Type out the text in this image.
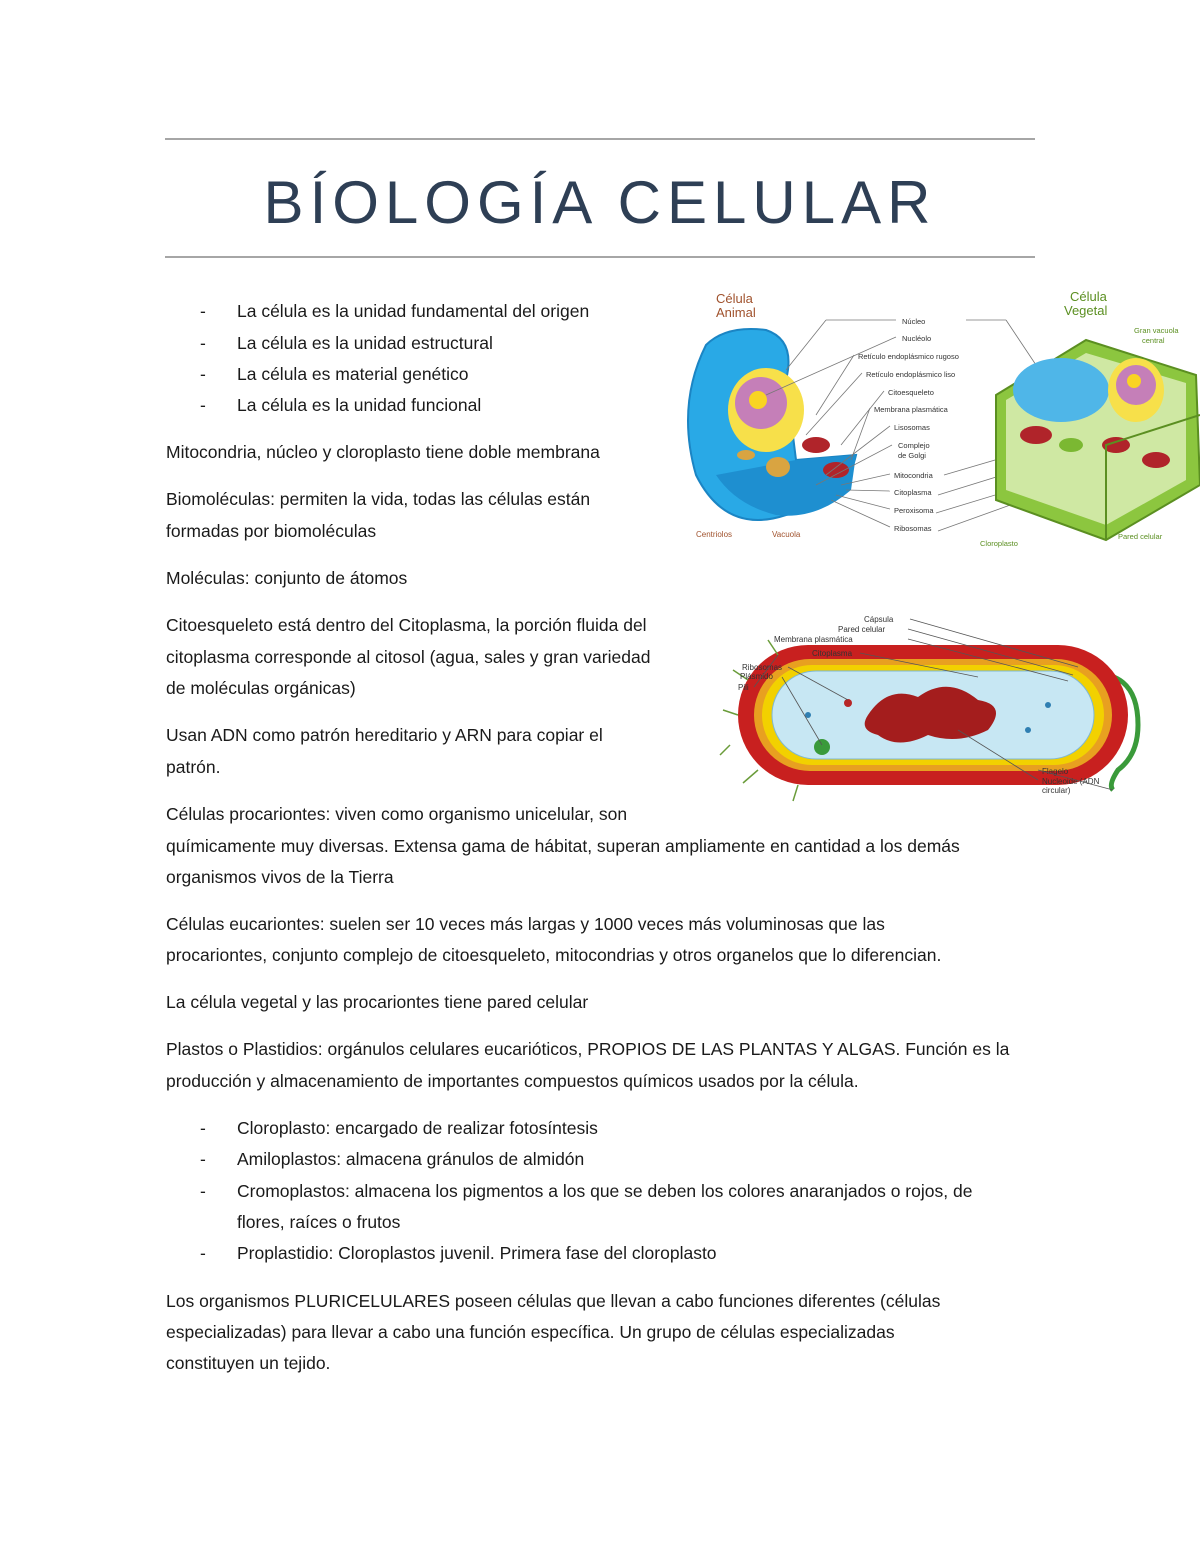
BÍOLOGÍA CELULAR
- La célula es la unidad fundamental del origen
- La célula es la unidad estructural
- La célula es material genético
- La célula es la unidad funcional
Mitocondria, núcleo y cloroplasto tiene doble membrana
Biomoléculas: permiten la vida, todas las células están
formadas por biomoléculas
Moléculas: conjunto de átomos
Citoesqueleto está dentro del Citoplasma, la porción fluida del
citoplasma corresponde al citosol (agua, sales y gran variedad
de moléculas orgánicas)
Usan ADN como patrón hereditario y ARN para copiar el
patrón.
Células procariontes: viven como organismo unicelular, son
químicamente muy diversas. Extensa gama de hábitat, superan ampliamente en cantidad a los demás
organismos vivos de la Tierra
Células eucariontes: suelen ser 10 veces más largas y 1000 veces más voluminosas que las
procariontes, conjunto complejo de citoesqueleto, mitocondrias y otros organelos que lo diferencian.
La célula vegetal y las procariontes tiene pared celular
Plastos o Plastidios: orgánulos celulares eucarióticos, PROPIOS DE LAS PLANTAS Y ALGAS. Función es la
producción y almacenamiento de importantes compuestos químicos usados por la célula.
- Cloroplasto: encargado de realizar fotosíntesis
- Amiloplastos: almacena gránulos de almidón
- Cromoplastos: almacena los pigmentos a los que se deben los colores anaranjados o rojos, de
flores, raíces o frutos
- Proplastidio: Cloroplastos juvenil. Primera fase del cloroplasto
Los organismos PLURICELULARES poseen células que llevan a cabo funciones diferentes (células
especializadas) para llevar a cabo una función específica. Un grupo de células especializadas
constituyen un tejido.
Célula
Animal
Centriolos	Vacuola
Núcleo
Nucléolo
Retículo endoplásmico rugoso
Retículo endoplásmico liso
Citoesqueleto
Membrana plasmática
Lisosomas
Complejo
de Golgi
Mitocondria
Citoplasma
Peroxisoma
Ribosomas
Célula
Vegetal
Gran vacuola
central
Cloroplasto
Pared celular
Cápsula
Pared celular
Membrana plasmática
Citoplasma
Ribosomas
Plásmido
Pili
Flagelo
Nucleoide (ADN
circular)
